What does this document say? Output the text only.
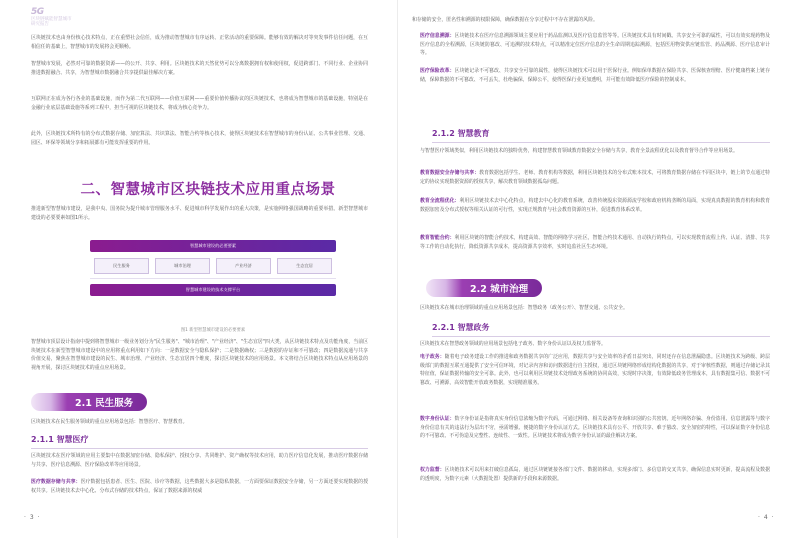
5G
区块链赋能智慧城市
研究报告
区块链技术也由身份核心技术特点，正在重塑社会信任，成为推动智慧城市有序运转、正常活动的重要保障。能够有效的解决对等突发事件信任问题，在互相信任的基础上，智慧城市的发展将会更顺畅。
智慧城市发展，必然对可靠的数据资源——的公开、共享、利用。区块链技术的天然优势可以分离数据拥有权和使用权，促进跨部门、不同行业、企业协同推进数据融合、共享，为智慧城市数据融合共享提供最佳解决方案。
互联网正在成为各行各业的基础设施，而作为第二代互联网——价值互联网——重要价值传播协议的区块链技术，也将成为智慧城市的基础设施，特别是在金融行业底层基础设施等系列工程中，担当可视的区块链技术，将成为核心竞争力。
此外，区块链技术所特有的分布式数据存储、加密算法、共识算法、智能合约等核心技术，使得区块链技术在智慧城市的身份认证、公共事业管理、交通、园区、环保等领域分享和拓展都有可能发挥重要的作用。
二、智慧城市区块链技术应用重点场景
推进新型智慧城市建设，是我中央、国务院为提升城市管理服务水平、促进城市科学发展作出的重大决策，是实施网络强国战略的重要举措。新型智慧城市建设的必要要素如图1所示。
智慧城市建设的必要要素
民生服务	城市治理	产业经济	生态宜居
智慧城市建设的技术支撑平台
图1 新型智慧城市建设的必要要素
智慧城市顶层设计指南中提到将智慧城市一级业务划分为"民生服务"、"城市治理"、"产业经济"、"生态宜居"四大类，从区块链技术特点及功能角度，当前区块链技术在新型智慧城市建设中的应用将重点利用如下方向：一是数据安全与隐私保护；二是数据确权；三是数据的存证和不可篡改；四是数据流通与共享价值交易，聚焦在智慧城市建设的民生、城市治理、产业经济、生态宜居四个维度，探讨区块链技术的应用场景。本文将结合区块链技术特点从应用场景的视角开展，探讨区块链技术的重点应用场景。
2.1 民生服务
区块链技术在民生服务领域的重点应用场景包括：智慧医疗、智慧教育。
2.1.1 智慧医疗
区块链技术在医疗领域的应用主要集中在数据加密存储、隐私保护、授权分享、共同维护、资产确权等技术应用，助力医疗信息化发展，推动医疗数据存储与共享、医疗信息溯源、医疗保险改革等应用场景。
医疗数据存储与共享：医疗数据包括患者、医生、医院、诊疗等数据，这些数据大多是隐私数据，一方面要保证数据安全存储，另一方面还要实现数据的授权共享。区块链技术去中心化、分布式存储的技术特点，保证了数据来源的权威
· 3 ·
和存储的安全，匿名性和溯源的权限保障，确保数据在分享过程中不存在泄露的风险。
医疗信息溯源：区块链技术在医疗信息溯源领域主要应用于药品监测以及医疗信息监管等等。区块链技术具有时间戳、共享安全可靠的属性，可以有效实现药物及医疗信息的全程溯源，区块链防篡改、可追溯的技术特点，可以精准定位医疗信息的全生命周期追踪溯源，包括医用物资供应链监管、药品溯源、医疗信息审计等。
医疗保险改革：区块链记录不可篡改、共享安全可靠的属性，使得区块链技术可以用于医保行业。例如保单数据在保险共享、医保核查理赔、医疗健康档案上链存储，保障数据的不可篡改、不可丢失，杜绝骗保，保障公平，使得医保行业更加透明，并可能有效降低医疗保险的控制成本。
2.1.2 智慧教育
与智慧医疗领域类似，利用区块链技术的独特优势，构建智慧教育领域教育数据安全存储与共享，教育全景流程优化以及教育督导合作等应用场景。
教育数据安全存储与共享：教育数据包括学生、老师、教育机构等数据，利用区块链技术的分布式账本技术，可将教育数据存储在不同区块中，链上的节点通过特定的协议实现数据资源的授权共享，解决教育领域数据孤岛问题。
教育全流程优化：利用区块链技术去中心化特点，构建去中心化的教育系统，改善传统股东资源源流学校和政府机构垄断的局面，实现真真数据的教育机构和教育数据加密及分布式授权等相关认证的可行性，实现正规教育与社会教育资源的互补，促进教育体系改革。
教育智能合约：利用区块链的智能合约技术，构建高效、智能的网络学习社区，智能合约技术通用、自动执行的特点，可以实现教育流程上传、认证、清排、共享等工作的自动化执行，降低资源共享成本，提高资源共享效率，实时追监社区生态环境。
2.2 城市治理
区块链技术在城市治理领域的重点应用场景包括：智慧政务（政务公开）、智慧交通、公共安全。
2.2.1 智慧政务
区块链技术在智慧政务领域的应用场景包括电子政务、数字身份认证以及权力监督等。
电子政务：随着电子政务建设工作的推进和政务数据共享的广泛应用，数据共享与安全效率的矛盾日益突出，同时还存在信息泄漏隐患。区块链技术为跨级、跨层级部门的数据互联互通提供了安全可信环境，对记录内容和访问数据进行自主授权，通过区块链网络形成结构化数据的共享，对于审核性数据，则通过存储记录其特征值，保证数据传输的安全可靠。此外，也可以利用区块链技术处理政务系统的协同高效，实现时序决策，有效降低政务管理成本，具有数据集可信、数据不可篡改、可溯源，高效智能开放政务数据，实现精准服务。
数字身份认证：数字身份证是指将真实身份信息浓缩为数字代码，可通过网络、相关设备等查询和识别的公共密钥。近年网络诈骗、身份盗用、信息泄露等与数字身份信息有关的违法行为层出不穷，亟需增强、便捷的数字身份认证方式。区块链技术具有公平、开放共享、难于篡改、安全加密的特性，可以保证数字身份信息的不可篡改、不可伪造及完整性、连续性、一致性。区块链技术将成为数字身份认证的最佳解决方案。
权力监督：区块链技术可以用来打破信息孤岛，通过区块链链接各部门文件、数据的移动，实现多部门、多信息的交叉共享，确保信息实时更新，提高流程及数据的透明度，为数字元素（大数据处置）提供新的手段和来源数据。
· 4 ·
